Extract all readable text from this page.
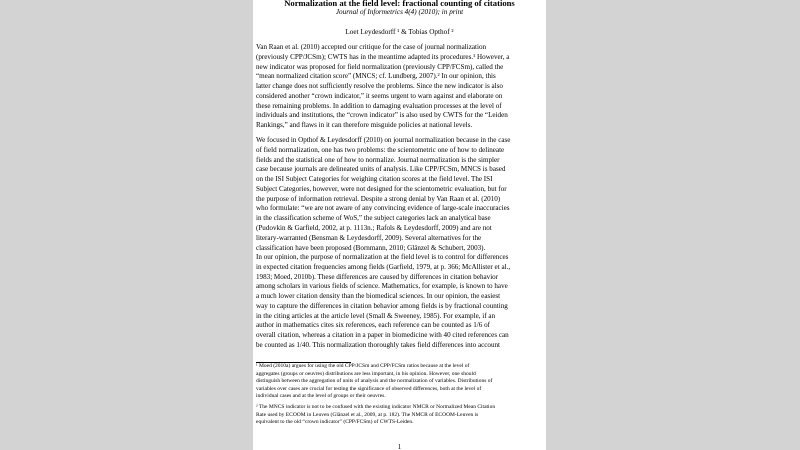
Normalization at the field level: fractional counting of citations
Journal of Informetrics 4(4) (2010); in print
Loet Leydesdorff ¹ & Tobias Opthof ²
Van Raan et al. (2010) accepted our critique for the case of journal normalization
(previously CPP/JCSm); CWTS has in the meantime adapted its procedures.¹ However, a
new indicator was proposed for field normalization (previously CPP/FCSm), called the
“mean normalized citation score” (MNCS; cf. Lundberg, 2007).² In our opinion, this
latter change does not sufficiently resolve the problems. Since the new indicator is also
considered another “crown indicator,” it seems urgent to warn against and elaborate on
these remaining problems. In addition to damaging evaluation processes at the level of
individuals and institutions, the “crown indicator” is also used by CWTS for the “Leiden
Rankings,” and flaws in it can therefore misguide policies at national levels.
We focused in Opthof & Leydesdorff (2010) on journal normalization because in the case
of field normalization, one has two problems: the scientometric one of how to delineate
fields and the statistical one of how to normalize. Journal normalization is the simpler
case because journals are delineated units of analysis. Like CPP/FCSm, MNCS is based
on the ISI Subject Categories for weighing citation scores at the field level. The ISI
Subject Categories, however, were not designed for the scientometric evaluation, but for
the purpose of information retrieval. Despite a strong denial by Van Raan et al. (2010)
who formulate: “we are not aware of any convincing evidence of large-scale inaccuracies
in the classification scheme of WoS,” the subject categories lack an analytical base
(Pudovkin & Garfield, 2002, at p. 1113n.; Rafols & Leydesdorff, 2009) and are not
literary-warranted (Bensman & Leydesdorff, 2009). Several alternatives for the
classification have been proposed (Bornmann, 2010; Glänzel & Schubert, 2003).
In our opinion, the purpose of normalization at the field level is to control for differences
in expected citation frequencies among fields (Garfield, 1979, at p. 366; McAllister et al.,
1983; Moed, 2010b). These differences are caused by differences in citation behavior
among scholars in various fields of science. Mathematics, for example, is known to have
a much lower citation density than the biomedical sciences. In our opinion, the easiest
way to capture the differences in citation behavior among fields is by fractional counting
in the citing articles at the article level (Small & Sweeney, 1985). For example, if an
author in mathematics cites six references, each reference can be counted as 1/6 of
overall citation, whereas a citation in a paper in biomedicine with 40 cited references can
be counted as 1/40. This normalization thoroughly takes field differences into account
¹ Moed (2010a) argues for using the old CPP/JCSm and CPP/FCSm ratios because at the level of
aggregates (groups or oeuvres) distributions are less important, in his opinion. However, one should
distinguish between the aggregation of units of analysis and the normalization of variables. Distributions of
variables over cases are crucial for testing the significance of observed differences, both at the level of
individual cases and at the level of groups or their oeuvres.
² The MNCS indicator is not to be confused with the existing indicator NMCR or Normalized Mean Citation
Rate used by ECOOM in Leuven (Glänzel et al., 2009, at p. 182). The NMCR of ECOOM-Leuven is
equivalent to the old “crown indicator” (CPP/FCSm) of CWTS-Leiden.
1
